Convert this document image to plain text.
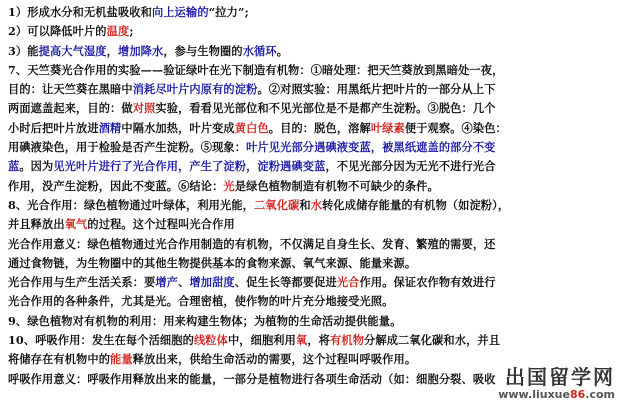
1）形成水分和无机盐吸收和向上运输的“拉力”;
2）可以降低叶片的温度;
3）能提高大气湿度，增加降水，参与生物圈的水循环。
7、天竺葵光合作用的实验——验证绿叶在光下制造有机物：①暗处理：把天竺葵放到黑暗处一夜，
目的：让天竺葵在黑暗中消耗尽叶片内原有的淀粉。②对照实验：用黑纸片把叶片的一部分从上下
两面遮盖起来，目的：做对照实验，看看见光部位和不见光部位是不是都产生淀粉。③脱色：几个
小时后把叶片放进酒精中隔水加热，叶片变成黄白色。目的：脱色，溶解叶绿素便于观察。④染色：
用碘液染色，用于检验是否产生淀粉。⑤现象：叶片见光部分遇碘液变蓝，被黑纸遮盖的部分不变
蓝。因为见光叶片进行了光合作用，产生了淀粉，淀粉遇碘变蓝，不见光部分因为无光不进行光合
作用，没产生淀粉，因此不变蓝。⑥结论：光是绿色植物制造有机物不可缺少的条件。
8、光合作用：绿色植物通过叶绿体，利用光能，二氧化碳和水转化成储存能量的有机物（如淀粉），
并且释放出氧气的过程。这个过程叫光合作用
光合作用意义：绿色植物通过光合作用制造的有机物，不仅满足自身生长、发育、繁殖的需要，还
通过食物链，为生物圈中的其他生物提供基本的食物来源、氧气来源、能量来源。
光合作用与生产生活关系：要增产、增加甜度、促生长等都要促进光合作用。保证农作物有效进行
光合作用的各种条件，尤其是光。合理密植，使作物的叶片充分地接受光照。
9、绿色植物对有机物的利用：用来构建生物体；为植物的生命活动提供能量。
10、呼吸作用：发生在每个活细胞的线粒体中，细胞利用氧，将有机物分解成二氧化碳和水，并且
将储存在有机物中的能量释放出来，供给生命活动的需要，这个过程叫呼吸作用。
呼吸作用意义：呼吸作用释放出来的能量，一部分是植物进行各项生命活动（如：细胞分裂、吸收 出国留学网
www.liuxue86.com
